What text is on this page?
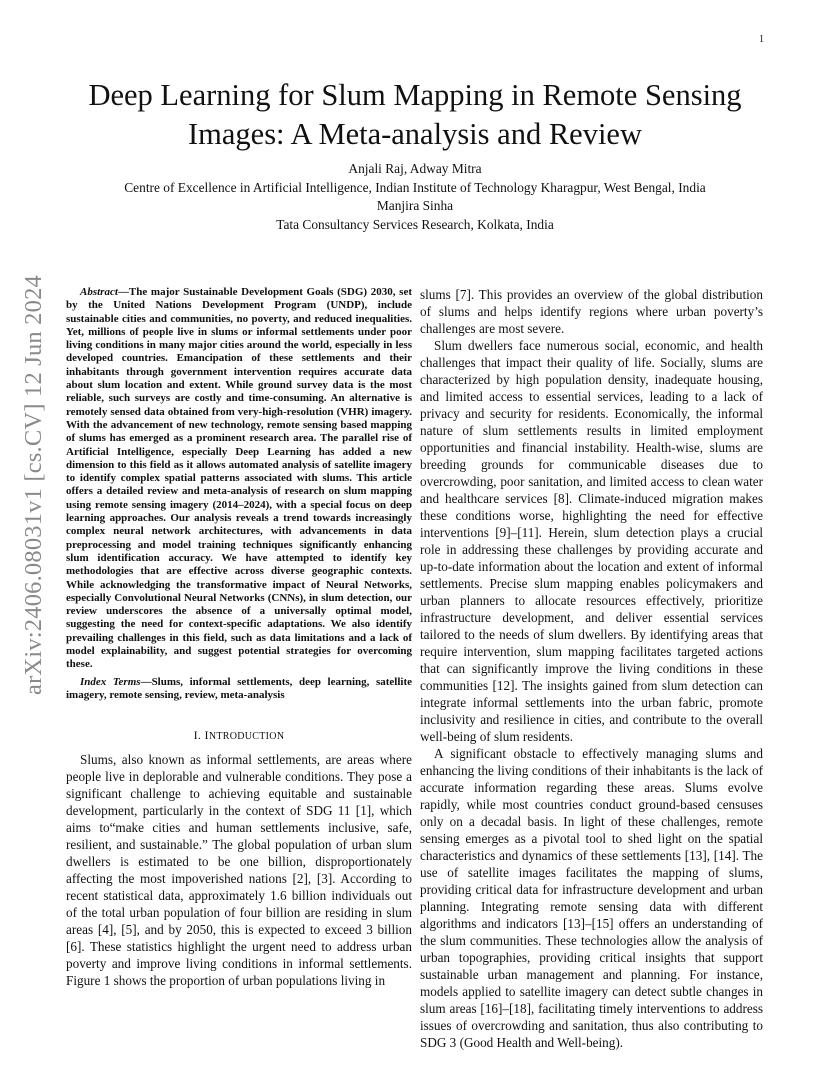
1
arXiv:2406.08031v1 [cs.CV] 12 Jun 2024
Deep Learning for Slum Mapping in Remote Sensing Images: A Meta-analysis and Review
Anjali Raj, Adway Mitra
Centre of Excellence in Artificial Intelligence, Indian Institute of Technology Kharagpur, West Bengal, India
Manjira Sinha
Tata Consultancy Services Research, Kolkata, India

Abstract—The major Sustainable Development Goals (SDG) 2030, set by the United Nations Development Program (UNDP), include sustainable cities and communities, no poverty, and reduced inequalities. Yet, millions of people live in slums or informal settlements under poor living conditions in many major cities around the world, especially in less developed countries. Emancipation of these settlements and their inhabitants through government intervention requires accurate data about slum location and extent. While ground survey data is the most reliable, such surveys are costly and time-consuming. An alternative is remotely sensed data obtained from very-high-resolution (VHR) imagery. With the advancement of new technology, remote sensing based mapping of slums has emerged as a prominent research area. The parallel rise of Artificial Intelligence, especially Deep Learning has added a new dimension to this field as it allows automated analysis of satellite imagery to identify complex spatial patterns associated with slums. This article offers a detailed review and meta-analysis of research on slum mapping using remote sensing imagery (2014–2024), with a special focus on deep learning approaches. Our analysis reveals a trend towards increasingly complex neural network architectures, with advancements in data preprocessing and model training techniques significantly enhancing slum identification accuracy. We have attempted to identify key methodologies that are effective across diverse geographic contexts. While acknowledging the transformative impact of Neural Networks, especially Convolutional Neural Networks (CNNs), in slum detection, our review underscores the absence of a universally optimal model, suggesting the need for context-specific adaptations. We also identify prevailing challenges in this field, such as data limitations and a lack of model explainability, and suggest potential strategies for overcoming these.

Index Terms—Slums, informal settlements, deep learning, satellite imagery, remote sensing, review, meta-analysis

I. INTRODUCTION

Slums, also known as informal settlements, are areas where people live in deplorable and vulnerable conditions. They pose a significant challenge to achieving equitable and sustainable development, particularly in the context of SDG 11 [1], which aims to“make cities and human settlements inclusive, safe, resilient, and sustainable.” The global population of urban slum dwellers is estimated to be one billion, disproportionately affecting the most impoverished nations [2], [3]. According to recent statistical data, approximately 1.6 billion individuals out of the total urban population of four billion are residing in slum areas [4], [5], and by 2050, this is expected to exceed 3 billion [6]. These statistics highlight the urgent need to address urban poverty and improve living conditions in informal settlements. Figure 1 shows the proportion of urban populations living in

slums [7]. This provides an overview of the global distribution of slums and helps identify regions where urban poverty’s challenges are most severe.

Slum dwellers face numerous social, economic, and health challenges that impact their quality of life. Socially, slums are characterized by high population density, inadequate housing, and limited access to essential services, leading to a lack of privacy and security for residents. Economically, the informal nature of slum settlements results in limited employment opportunities and financial instability. Health-wise, slums are breeding grounds for communicable diseases due to overcrowding, poor sanitation, and limited access to clean water and healthcare services [8]. Climate-induced migration makes these conditions worse, highlighting the need for effective interventions [9]–[11]. Herein, slum detection plays a crucial role in addressing these challenges by providing accurate and up-to-date information about the location and extent of informal settlements. Precise slum mapping enables policymakers and urban planners to allocate resources effectively, prioritize infrastructure development, and deliver essential services tailored to the needs of slum dwellers. By identifying areas that require intervention, slum mapping facilitates targeted actions that can significantly improve the living conditions in these communities [12]. The insights gained from slum detection can integrate informal settlements into the urban fabric, promote inclusivity and resilience in cities, and contribute to the overall well-being of slum residents.

A significant obstacle to effectively managing slums and enhancing the living conditions of their inhabitants is the lack of accurate information regarding these areas. Slums evolve rapidly, while most countries conduct ground-based censuses only on a decadal basis. In light of these challenges, remote sensing emerges as a pivotal tool to shed light on the spatial characteristics and dynamics of these settlements [13], [14]. The use of satellite images facilitates the mapping of slums, providing critical data for infrastructure development and urban planning. Integrating remote sensing data with different algorithms and indicators [13]–[15] offers an understanding of the slum communities. These technologies allow the analysis of urban topographies, providing critical insights that support sustainable urban management and planning. For instance, models applied to satellite imagery can detect subtle changes in slum areas [16]–[18], facilitating timely interventions to address issues of overcrowding and sanitation, thus also contributing to SDG 3 (Good Health and Well-being).
